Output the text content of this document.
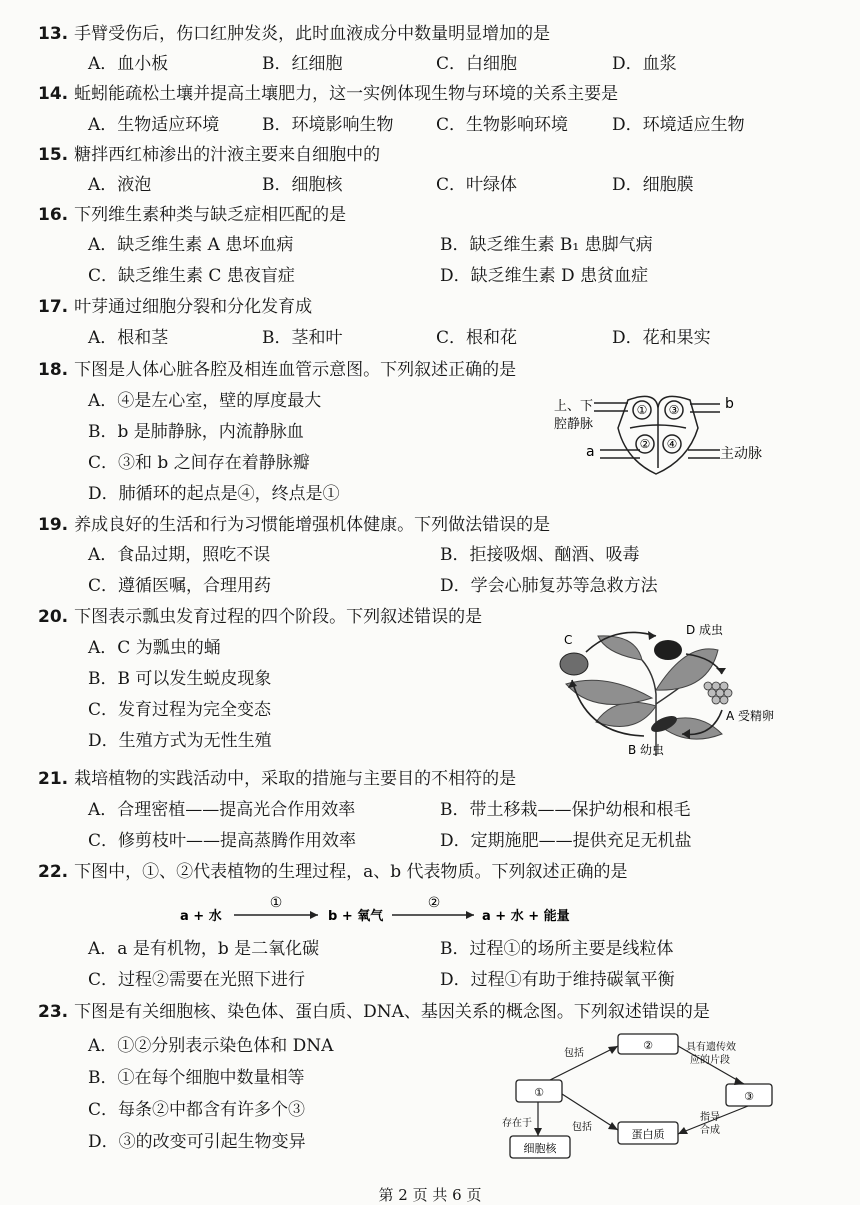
13. 手臂受伤后，伤口红肿发炎，此时血液成分中数量明显增加的是
A．血小板	B．红细胞	C．白细胞	D．血浆
14. 蚯蚓能疏松土壤并提高土壤肥力，这一实例体现生物与环境的关系主要是
A．生物适应环境	B．环境影响生物	C．生物影响环境	D．环境适应生物
15. 糖拌西红柿渗出的汁液主要来自细胞中的
A．液泡	B．细胞核	C．叶绿体	D．细胞膜
16. 下列维生素种类与缺乏症相匹配的是
A．缺乏维生素 A 患坏血病	B．缺乏维生素 B₁ 患脚气病
C．缺乏维生素 C 患夜盲症	D．缺乏维生素 D 患贫血症
17. 叶芽通过细胞分裂和分化发育成
A．根和茎	B．茎和叶	C．根和花	D．花和果实
18. 下图是人体心脏各腔及相连血管示意图。下列叙述正确的是
A．④是左心室，壁的厚度最大
B．b 是肺静脉，内流静脉血
C．③和 b 之间存在着静脉瓣
D．肺循环的起点是④，终点是①
上、下
腔静脉
a
b
主动脉
① ③
② ④
19. 养成良好的生活和行为习惯能增强机体健康。下列做法错误的是
A．食品过期，照吃不误	B．拒接吸烟、酗酒、吸毒
C．遵循医嘱，合理用药	D．学会心肺复苏等急救方法
20. 下图表示瓢虫发育过程的四个阶段。下列叙述错误的是
A．C 为瓢虫的蛹
B．B 可以发生蜕皮现象
C．发育过程为完全变态
D．生殖方式为无性生殖
C
D 成虫
A 受精卵
B 幼虫
21. 栽培植物的实践活动中，采取的措施与主要目的不相符的是
A．合理密植——提高光合作用效率	B．带土移栽——保护幼根和根毛
C．修剪枝叶——提高蒸腾作用效率	D．定期施肥——提供充足无机盐
22. 下图中，①、②代表植物的生理过程，a、b 代表物质。下列叙述正确的是
a + 水	b + 氧气	a + 水 + 能量
①	②
A．a 是有机物，b 是二氧化碳	B．过程①的场所主要是线粒体
C．过程②需要在光照下进行	D．过程①有助于维持碳氧平衡
23. 下图是有关细胞核、染色体、蛋白质、DNA、基因关系的概念图。下列叙述错误的是
A．①②分别表示染色体和 DNA
B．①在每个细胞中数量相等
C．每条②中都含有许多个③
D．③的改变可引起生物变异
①
②
③
细胞核
蛋白质
包括
包括
存在于
具有遗传效
应的片段
指导
合成
第 2 页 共 6 页
